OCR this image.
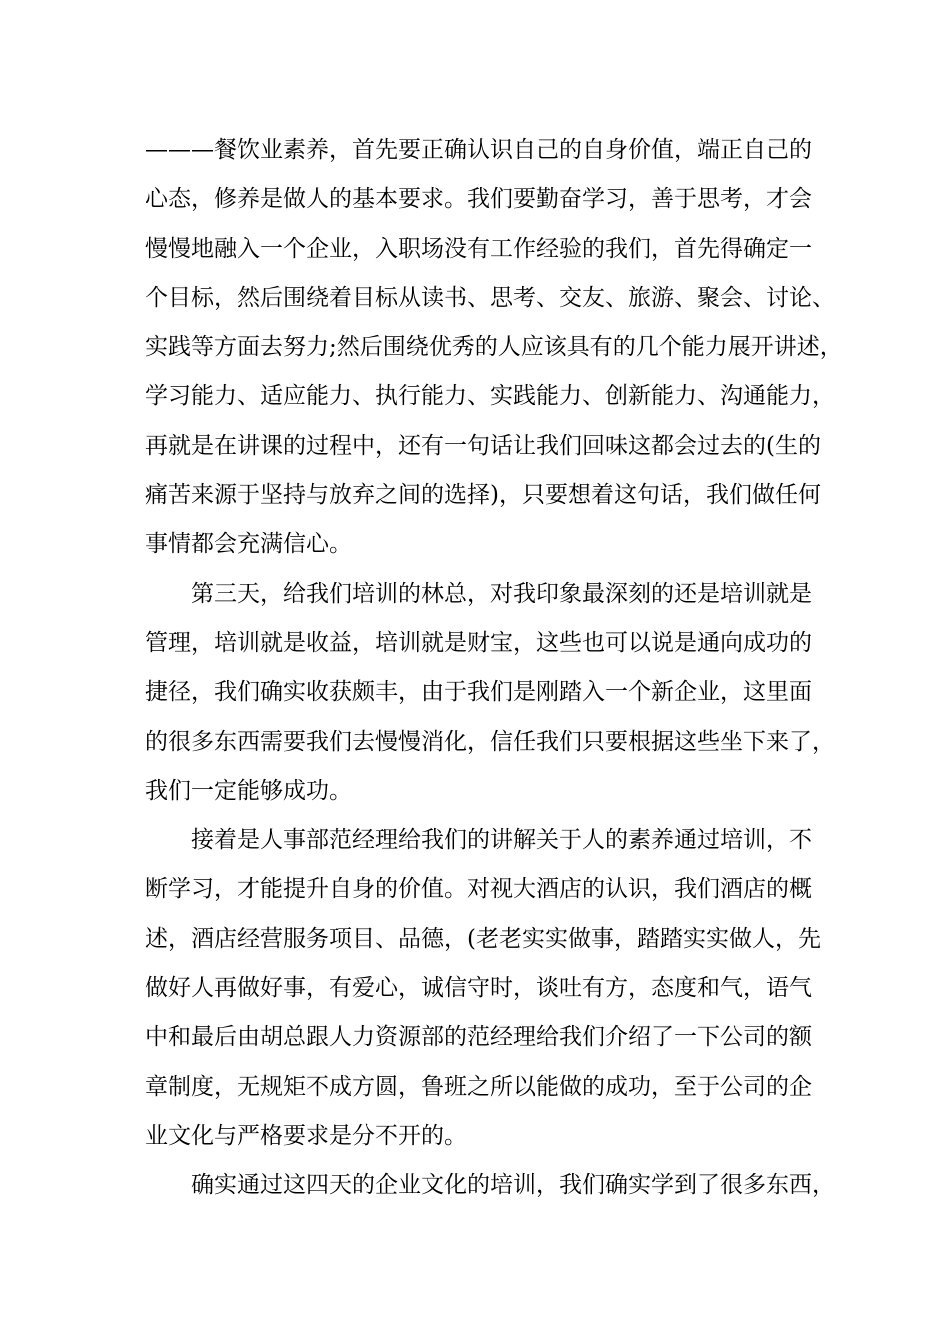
———餐饮业素养，首先要正确认识自己的自身价值，端正自己的
心态，修养是做人的基本要求。我们要勤奋学习，善于思考，才会
慢慢地融入一个企业，入职场没有工作经验的我们，首先得确定一
个目标，然后围绕着目标从读书、思考、交友、旅游、聚会、讨论、
实践等方面去努力;然后围绕优秀的人应该具有的几个能力展开讲述，
学习能力、适应能力、执行能力、实践能力、创新能力、沟通能力，
再就是在讲课的过程中，还有一句话让我们回味这都会过去的(生的
痛苦来源于坚持与放弃之间的选择)，只要想着这句话，我们做任何
事情都会充满信心。

　　第三天，给我们培训的林总，对我印象最深刻的还是培训就是
管理，培训就是收益，培训就是财宝，这些也可以说是通向成功的
捷径，我们确实收获颇丰，由于我们是刚踏入一个新企业，这里面
的很多东西需要我们去慢慢消化，信任我们只要根据这些坐下来了，
我们一定能够成功。

　　接着是人事部范经理给我们的讲解关于人的素养通过培训，不
断学习，才能提升自身的价值。对视大酒店的认识，我们酒店的概
述，酒店经营服务项目、品德，(老老实实做事，踏踏实实做人，先
做好人再做好事，有爱心，诚信守时，谈吐有方，态度和气，语气
中和最后由胡总跟人力资源部的范经理给我们介绍了一下公司的额
章制度，无规矩不成方圆，鲁班之所以能做的成功，至于公司的企
业文化与严格要求是分不开的。

　　确实通过这四天的企业文化的培训，我们确实学到了很多东西，
